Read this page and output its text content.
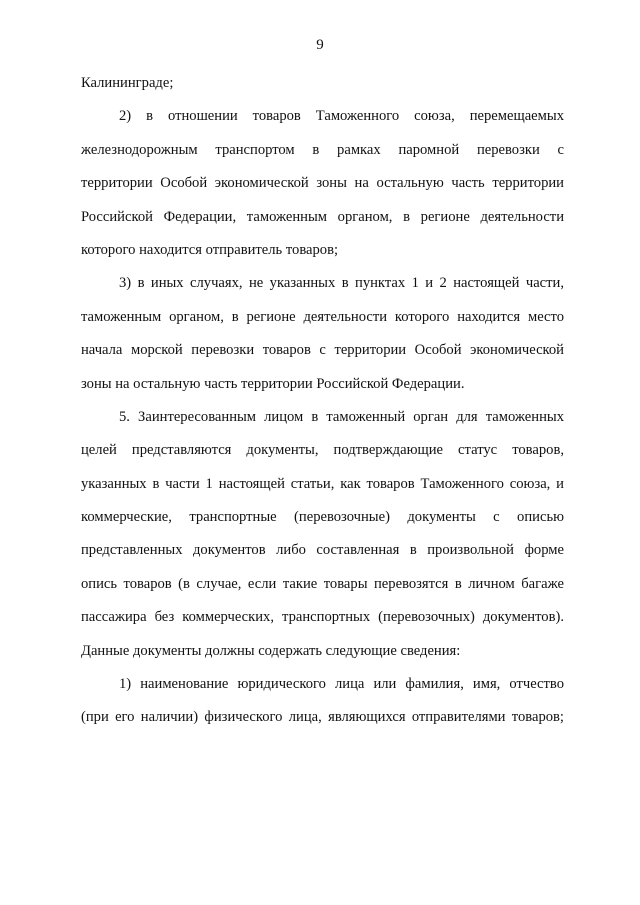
9
Калининграде;
2) в отношении товаров Таможенного союза, перемещаемых
железнодорожным транспортом в рамках паромной перевозки с
территории Особой экономической зоны на остальную часть территории
Российской Федерации, таможенным органом, в регионе деятельности
которого находится отправитель товаров;
3) в иных случаях, не указанных в пунктах 1 и 2 настоящей части,
таможенным органом, в регионе деятельности которого находится место
начала морской перевозки товаров с территории Особой экономической
зоны на остальную часть территории Российской Федерации.
5. Заинтересованным лицом в таможенный орган для таможенных
целей представляются документы, подтверждающие статус товаров,
указанных в части 1 настоящей статьи, как товаров Таможенного союза, и
коммерческие, транспортные (перевозочные) документы с описью
представленных документов либо составленная в произвольной форме
опись товаров (в случае, если такие товары перевозятся в личном багаже
пассажира без коммерческих, транспортных (перевозочных) документов).
Данные документы должны содержать следующие сведения:
1) наименование юридического лица или фамилия, имя, отчество
(при его наличии) физического лица, являющихся отправителями товаров;
